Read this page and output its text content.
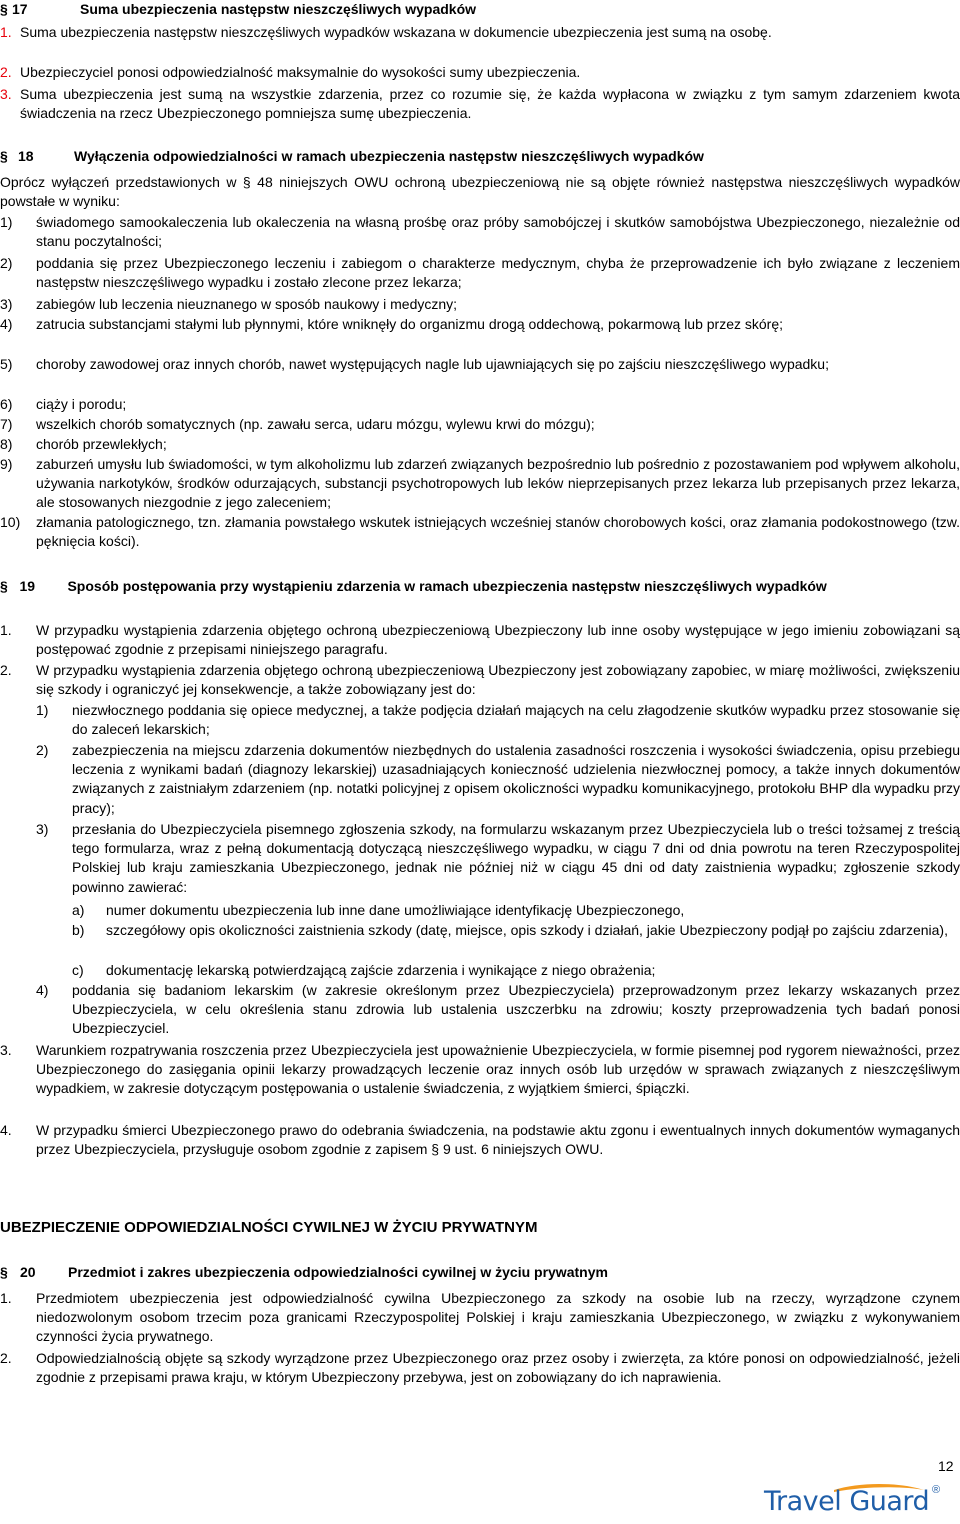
§ 17	Suma ubezpieczenia następstw nieszczęśliwych wypadków
1. Suma ubezpieczenia następstw nieszczęśliwych wypadków wskazana w dokumencie ubezpieczenia jest sumą na osobę.
2. Ubezpieczyciel ponosi odpowiedzialność maksymalnie do wysokości sumy ubezpieczenia.
3. Suma ubezpieczenia jest sumą na wszystkie zdarzenia, przez co rozumie się, że każda wypłacona w związku z tym samym zdarzeniem kwota świadczenia na rzecz Ubezpieczonego pomniejsza sumę ubezpieczenia.
§ 18	Wyłączenia odpowiedzialności w ramach ubezpieczenia następstw nieszczęśliwych wypadków
Oprócz wyłączeń przedstawionych w § 48 niniejszych OWU ochroną ubezpieczeniową nie są objęte również następstwa nieszczęśliwych wypadków powstałe w wyniku:
1)	świadomego samookaleczenia lub okaleczenia na własną prośbę oraz próby samobójczej i skutków samobójstwa Ubezpieczonego, niezależnie od stanu poczytalności;
2)	poddania się przez Ubezpieczonego leczeniu i zabiegom o charakterze medycznym, chyba że przeprowadzenie ich było związane z leczeniem następstw nieszczęśliwego wypadku i zostało zlecone przez lekarza;
3)	zabiegów lub leczenia nieuznanego w sposób naukowy i medyczny;
4)	zatrucia substancjami stałymi lub płynnymi, które wniknęły do organizmu drogą oddechową, pokarmową lub przez skórę;
5)	choroby zawodowej oraz innych chorób, nawet występujących nagle lub ujawniających się po zajściu nieszczęśliwego wypadku;
6)	ciąży i porodu;
7)	wszelkich chorób somatycznych (np. zawału serca, udaru mózgu, wylewu krwi do mózgu);
8)	chorób przewlekłych;
9)	zaburzeń umysłu lub świadomości, w tym alkoholizmu lub zdarzeń związanych bezpośrednio lub pośrednio z pozostawaniem pod wpływem alkoholu, używania narkotyków, środków odurzających, substancji psychotropowych lub leków nieprzepisanych przez lekarza lub przepisanych przez lekarza, ale stosowanych niezgodnie z jego zaleceniem;
10)	złamania patologicznego, tzn. złamania powstałego wskutek istniejących wcześniej stanów chorobowych kości, oraz złamania podokostnowego (tzw. pęknięcia kości).
§ 19 Sposób postępowania przy wystąpieniu zdarzenia w ramach ubezpieczenia następstw nieszczęśliwych wypadków
1.	W przypadku wystąpienia zdarzenia objętego ochroną ubezpieczeniową Ubezpieczony lub inne osoby występujące w jego imieniu zobowiązani są postępować zgodnie z przepisami niniejszego paragrafu.
2.	W przypadku wystąpienia zdarzenia objętego ochroną ubezpieczeniową Ubezpieczony jest zobowiązany zapobiec, w miarę możliwości, zwiększeniu się szkody i ograniczyć jej konsekwencje, a także zobowiązany jest do:
1)	niezwłocznego poddania się opiece medycznej, a także podjęcia działań mających na celu złagodzenie skutków wypadku przez stosowanie się do zaleceń lekarskich;
2)	zabezpieczenia na miejscu zdarzenia dokumentów niezbędnych do ustalenia zasadności roszczenia i wysokości świadczenia, opisu przebiegu leczenia z wynikami badań (diagnozy lekarskiej) uzasadniających konieczność udzielenia niezwłocznej pomocy, a także innych dokumentów związanych z zaistniałym zdarzeniem (np. notatki policyjnej z opisem okoliczności wypadku komunikacyjnego, protokołu BHP dla wypadku przy pracy);
3)	przesłania do Ubezpieczyciela pisemnego zgłoszenia szkody, na formularzu wskazanym przez Ubezpieczyciela lub o treści tożsamej z treścią tego formularza, wraz z pełną dokumentacją dotyczącą nieszczęśliwego wypadku, w ciągu 7 dni od dnia powrotu na teren Rzeczypospolitej Polskiej lub kraju zamieszkania Ubezpieczonego, jednak nie później niż w ciągu 45 dni od daty zaistnienia wypadku; zgłoszenie szkody powinno zawierać:
a)	numer dokumentu ubezpieczenia lub inne dane umożliwiające identyfikację Ubezpieczonego,
b)	szczegółowy opis okoliczności zaistnienia szkody (datę, miejsce, opis szkody i działań, jakie Ubezpieczony podjął po zajściu zdarzenia),
c)	dokumentację lekarską potwierdzającą zajście zdarzenia i wynikające z niego obrażenia;
4)	poddania się badaniom lekarskim (w zakresie określonym przez Ubezpieczyciela) przeprowadzonym przez lekarzy wskazanych przez Ubezpieczyciela, w celu określenia stanu zdrowia lub ustalenia uszczerbku na zdrowiu; koszty przeprowadzenia tych badań ponosi Ubezpieczyciel.
3.	Warunkiem rozpatrywania roszczenia przez Ubezpieczyciela jest upoważnienie Ubezpieczyciela, w formie pisemnej pod rygorem nieważności, przez Ubezpieczonego do zasięgania opinii lekarzy prowadzących leczenie oraz innych osób lub urzędów w sprawach związanych z nieszczęśliwym wypadkiem, w zakresie dotyczącym postępowania o ustalenie świadczenia, z wyjątkiem śmierci, śpiączki.
4.	W przypadku śmierci Ubezpieczonego prawo do odebrania świadczenia, na podstawie aktu zgonu i ewentualnych innych dokumentów wymaganych przez Ubezpieczyciela, przysługuje osobom zgodnie z zapisem § 9 ust. 6 niniejszych OWU.
UBEZPIECZENIE ODPOWIEDZIALNOŚCI CYWILNEJ W ŻYCIU PRYWATNYM
§ 20	Przedmiot i zakres ubezpieczenia odpowiedzialności cywilnej w życiu prywatnym
1.	Przedmiotem ubezpieczenia jest odpowiedzialność cywilna Ubezpieczonego za szkody na osobie lub na rzeczy, wyrządzone czynem niedozwolonym osobom trzecim poza granicami Rzeczypospolitej Polskiej i kraju zamieszkania Ubezpieczonego, w związku z wykonywaniem czynności życia prywatnego.
2.	Odpowiedzialnością objęte są szkody wyrządzone przez Ubezpieczonego oraz przez osoby i zwierzęta, za które ponosi on odpowiedzialność, jeżeli zgodnie z przepisami prawa kraju, w którym Ubezpieczony przebywa, jest on zobowiązany do ich naprawienia.
12
Travel Guard ®
